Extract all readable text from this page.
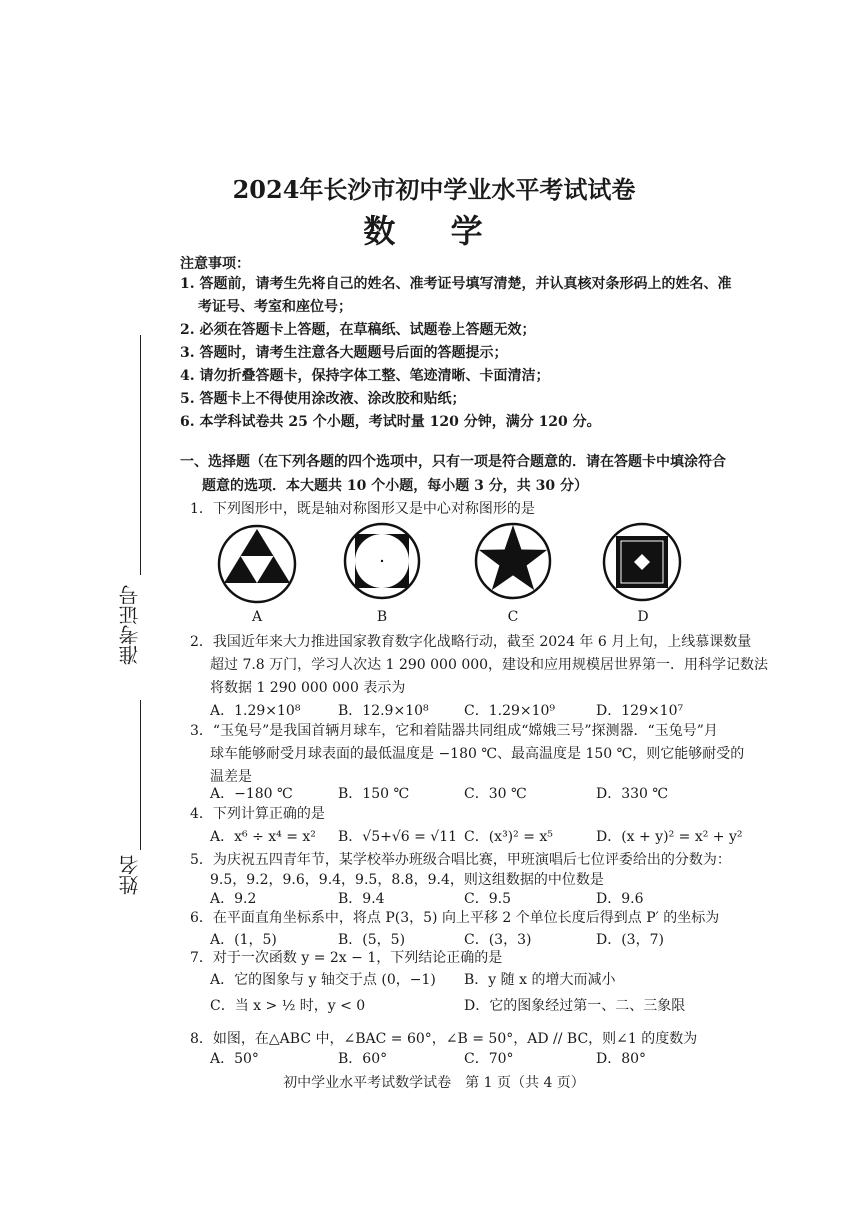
2024年长沙市初中学业水平考试试卷
数 学
注意事项：
1. 答题前，请考生先将自己的姓名、准考证号填写清楚，并认真核对条形码上的姓名、准
考证号、考室和座位号；
2. 必须在答题卡上答题，在草稿纸、试题卷上答题无效；
3. 答题时，请考生注意各大题题号后面的答题提示；
4. 请勿折叠答题卡，保持字体工整、笔迹清晰、卡面清洁；
5. 答题卡上不得使用涂改液、涂改胶和贴纸；
6. 本学科试卷共 25 个小题，考试时量 120 分钟，满分 120 分。
准考证号
姓名
一、选择题（在下列各题的四个选项中，只有一项是符合题意的．请在答题卡中填涂符合
题意的选项．本大题共 10 个小题，每小题 3 分，共 30 分）
1．下列图形中，既是轴对称图形又是中心对称图形的是
A	B	C	D
2．我国近年来大力推进国家教育数字化战略行动，截至 2024 年 6 月上旬，上线慕课数量
超过 7.8 万门，学习人次达 1 290 000 000，建设和应用规模居世界第一．用科学记数法
将数据 1 290 000 000 表示为
A．1.29×10⁸	B．12.9×10⁸	C．1.29×10⁹	D．129×10⁷
3．“玉兔号”是我国首辆月球车，它和着陆器共同组成“嫦娥三号”探测器．“玉兔号”月
球车能够耐受月球表面的最低温度是 −180 ℃、最高温度是 150 ℃，则它能够耐受的
温差是
A．−180 ℃	B．150 ℃	C．30 ℃	D．330 ℃
4．下列计算正确的是
A．x⁶ ÷ x⁴ = x² B．√5+√6 = √11 C．(x³)² = x⁵	D．(x + y)² = x² + y²
5．为庆祝五四青年节，某学校举办班级合唱比赛，甲班演唱后七位评委给出的分数为：
9.5，9.2，9.6，9.4，9.5，8.8，9.4，则这组数据的中位数是
A．9.2	B．9.4	C．9.5	D．9.6
6．在平面直角坐标系中，将点 P(3，5) 向上平移 2 个单位长度后得到点 P′ 的坐标为
A．(1，5)	B．(5，5)	C．(3，3)	D．(3，7)
7．对于一次函数 y = 2x − 1，下列结论正确的是
A．它的图象与 y 轴交于点 (0，−1) B．y 随 x 的增大而减小
C．当 x > ½ 时，y < 0	D．它的图象经过第一、二、三象限
8．如图，在△ABC 中，∠BAC = 60°，∠B = 50°，AD // BC，则∠1 的度数为
A．50°	B．60°	C．70°	D．80°
初中学业水平考试数学试卷　第 1 页（共 4 页）
